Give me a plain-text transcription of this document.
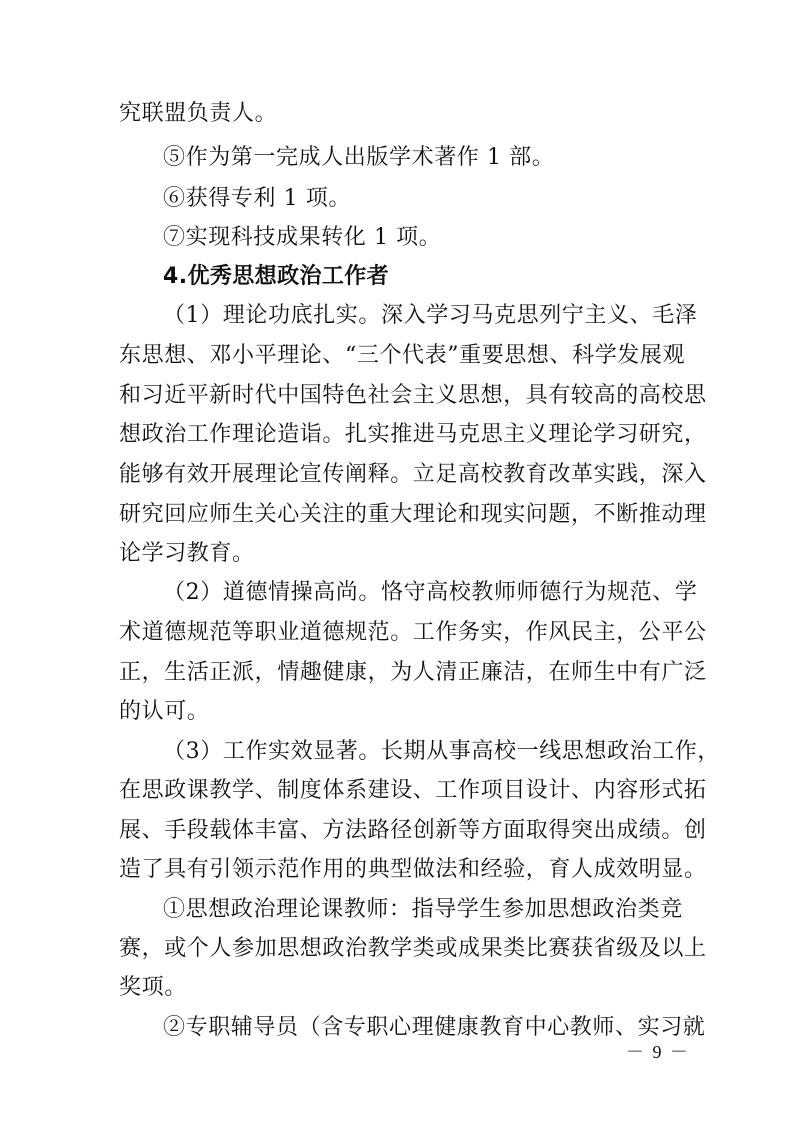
究联盟负责人。
⑤作为第一完成人出版学术著作 1 部。
⑥获得专利 1 项。
⑦实现科技成果转化 1 项。
4.优秀思想政治工作者
（1）理论功底扎实。深入学习马克思列宁主义、毛泽
东思想、邓小平理论、“三个代表”重要思想、科学发展观
和习近平新时代中国特色社会主义思想，具有较高的高校思
想政治工作理论造诣。扎实推进马克思主义理论学习研究，
能够有效开展理论宣传阐释。立足高校教育改革实践，深入
研究回应师生关心关注的重大理论和现实问题，不断推动理
论学习教育。
（2）道德情操高尚。恪守高校教师师德行为规范、学
术道德规范等职业道德规范。工作务实，作风民主，公平公
正，生活正派，情趣健康，为人清正廉洁，在师生中有广泛
的认可。
（3）工作实效显著。长期从事高校一线思想政治工作，
在思政课教学、制度体系建设、工作项目设计、内容形式拓
展、手段载体丰富、方法路径创新等方面取得突出成绩。创
造了具有引领示范作用的典型做法和经验，育人成效明显。
①思想政治理论课教师：指导学生参加思想政治类竞
赛，或个人参加思想政治教学类或成果类比赛获省级及以上
奖项。
②专职辅导员（含专职心理健康教育中心教师、实习就
－ 9 －
